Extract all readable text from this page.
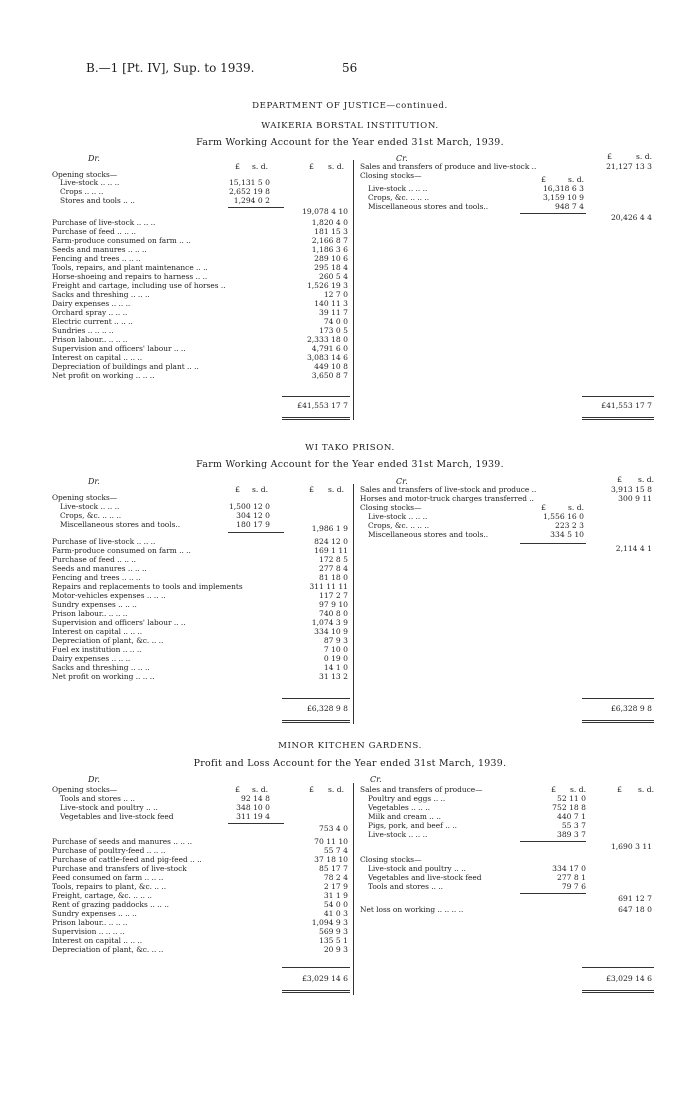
B.—1 [Pt. IV], Sup. to 1939.	56
DEPARTMENT OF JUSTICE—continued.
WAIKERIA BORSTAL INSTITUTION.
Farm Working Account for the Year ended 31st March, 1939.
Dr.	Cr.
£	s. d.	£	s. d.
£	s. d.
Opening stocks—
Live-stock .. .. ..	15,131 5 0
Crops .. .. ..	2,652 19 8
Stores and tools .. ..	1,294 0 2
19,078 4 10
Purchase of live-stock .. .. ..	1,820 4 0
Purchase of feed .. .. ..	181 15 3
Farm-produce consumed on farm .. ..	2,166 8 7
Seeds and manures .. .. ..	1,186 3 6
Fencing and trees .. .. ..	289 10 6
Tools, repairs, and plant maintenance .. ..	295 18 4
Horse-shoeing and repairs to harness .. ..	260 5 4
Freight and cartage, including use of horses ..	1,526 19 3
Sacks and threshing .. .. ..	12 7 0
Dairy expenses .. .. ..	140 11 3
Orchard spray .. .. ..	39 11 7
Electric current .. .. ..	74 0 0
Sundries .. .. .. ..	173 0 5
Prison labour.. .. .. ..	2,333 18 0
Supervision and officers' labour .. ..	4,791 6 0
Interest on capital .. .. ..	3,083 14 6
Depreciation of buildings and plant .. ..	449 10 8
Net profit on working .. .. ..	3,650 8 7
£41,553 17 7
Sales and transfers of produce and live-stock ..	21,127 13 3
Closing stocks—	£	s. d.
Live-stock .. .. ..	16,318 6 3
Crops, &c. .. .. ..	3,159 10 9
Miscellaneous stores and tools..	948 7 4
20,426 4 4
£41,553 17 7
WI TAKO PRISON.
Farm Working Account for the Year ended 31st March, 1939.
Dr.	Cr.
£	s. d.	£	s. d.
£	s. d.
Opening stocks—
Live-stock .. .. ..	1,500 12 0
Crops, &c. .. .. ..	304 12 0
Miscellaneous stores and tools..	180 17 9	1,986 1 9
Purchase of live-stock .. .. ..	824 12 0
Farm-produce consumed on farm .. ..	169 1 11
Purchase of feed .. .. ..	172 8 5
Seeds and manures .. .. ..	277 8 4
Fencing and trees .. .. ..	81 18 0
Repairs and replacements to tools and implements	311 11 11
Motor-vehicles expenses .. .. ..	117 2 7
Sundry expenses .. .. ..	97 9 10
Prison labour.. .. .. ..	740 8 0
Supervision and officers' labour .. ..	1,074 3 9
Interest on capital .. .. ..	334 10 9
Depreciation of plant, &c. .. ..	87 9 3
Fuel ex institution .. .. ..	7 10 0
Dairy expenses .. .. ..	0 19 0
Sacks and threshing .. .. ..	14 1 0
Net profit on working .. .. ..	31 13 2
£6,328 9 8
Sales and transfers of live-stock and produce ..	3,913 15 8
Horses and motor-truck charges transferred ..	300 9 11
Closing stocks—	£	s. d.
Live-stock .. .. ..	1,556 16 0
Crops, &c. .. .. ..	223 2 3
Miscellaneous stores and tools..	334 5 10
2,114 4 1
£6,328 9 8
MINOR KITCHEN GARDENS.
Profit and Loss Account for the Year ended 31st March, 1939.
Dr.	Cr.
£	s. d.	£	s. d.	£	s. d.	£	s. d.
Opening stocks—
Tools and stores .. ..	92 14 8
Live-stock and poultry .. ..	348 10 0
Vegetables and live-stock feed	311 19 4
753 4 0
Purchase of seeds and manures .. .. ..	70 11 10
Purchase of poultry-feed .. .. ..	55 7 4
Purchase of cattle-feed and pig-feed .. ..	37 18 10
Purchase and transfers of live-stock	85 17 7
Feed consumed on farm .. .. ..	78 2 4
Tools, repairs to plant, &c. .. ..	2 17 9
Freight, cartage, &c. .. .. ..	31 1 9
Rent of grazing paddocks .. .. ..	54 0 0
Sundry expenses .. .. ..	41 0 3
Prison labour.. .. .. ..	1,094 9 3
Supervision .. .. .. ..	569 9 3
Interest on capital .. .. ..	135 5 1
Depreciation of plant, &c. .. ..	20 9 3
£3,029 14 6
Sales and transfers of produce—
Poultry and eggs .. ..	52 11 0
Vegetables .. .. ..	752 18 8
Milk and cream .. ..	440 7 1
Pigs, pork, and beef .. ..	55 3 7
Live-stock .. .. ..	389 3 7
1,690 3 11
Closing stocks—
Live-stock and poultry .. ..	334 17 0
Vegetables and live-stock feed	277 8 1
Tools and stores .. ..	79 7 6
691 12 7
Net loss on working .. .. .. ..	647 18 0
£3,029 14 6
